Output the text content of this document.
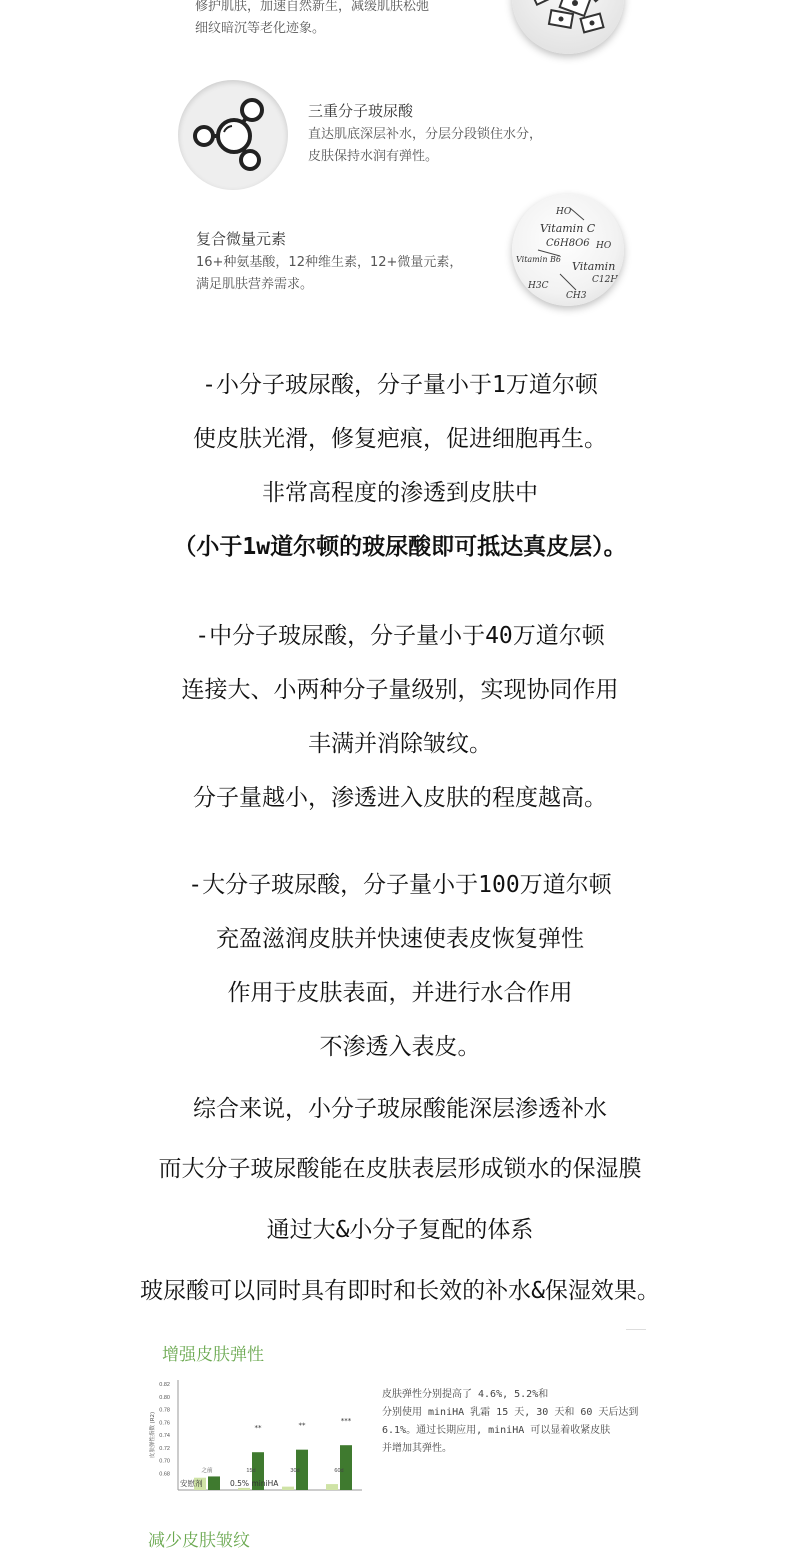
修护肌肤，加速自然新生，减缓肌肤松弛
细纹暗沉等老化迹象。
三重分子玻尿酸
直达肌底深层补水，分层分段锁住水分，
皮肤保持水润有弹性。
复合微量元素
16+种氨基酸，12种维生素，12+微量元素，
满足肌肤营养需求。
HO
Vitamin C
C6H8O6 HO
Vitamin B6
Vitamin
C12H
H3C
CH3
-小分子玻尿酸，分子量小于1万道尔顿
使皮肤光滑，修复疤痕，促进细胞再生。
非常高程度的渗透到皮肤中
（小于1w道尔顿的玻尿酸即可抵达真皮层）。
-中分子玻尿酸，分子量小于40万道尔顿
连接大、小两种分子量级别，实现协同作用
丰满并消除皱纹。
分子量越小，渗透进入皮肤的程度越高。
-大分子玻尿酸，分子量小于100万道尔顿
充盈滋润皮肤并快速使表皮恢复弹性
作用于皮肤表面，并进行水合作用
不渗透入表皮。
综合来说，小分子玻尿酸能深层渗透补水
而大分子玻尿酸能在皮肤表层形成锁水的保湿膜
通过大&小分子复配的体系
玻尿酸可以同时具有即时和长效的补水&保湿效果。
增强皮肤弹性
0.82
0.80
0.78
0.76
0.74
0.72
0.70
0.68
皮肤弹性指数 (R2)
之前	15d
**
30d
**
60d
***
安慰剂	0.5% miniHA
皮肤弹性分别提高了 4.6%, 5.2%和
分别使用 miniHA 乳霜 15 天, 30 天和 60 天后达到
6.1%。通过长期应用, miniHA 可以显着收紧皮肤
并增加其弹性。
减少皮肤皱纹
